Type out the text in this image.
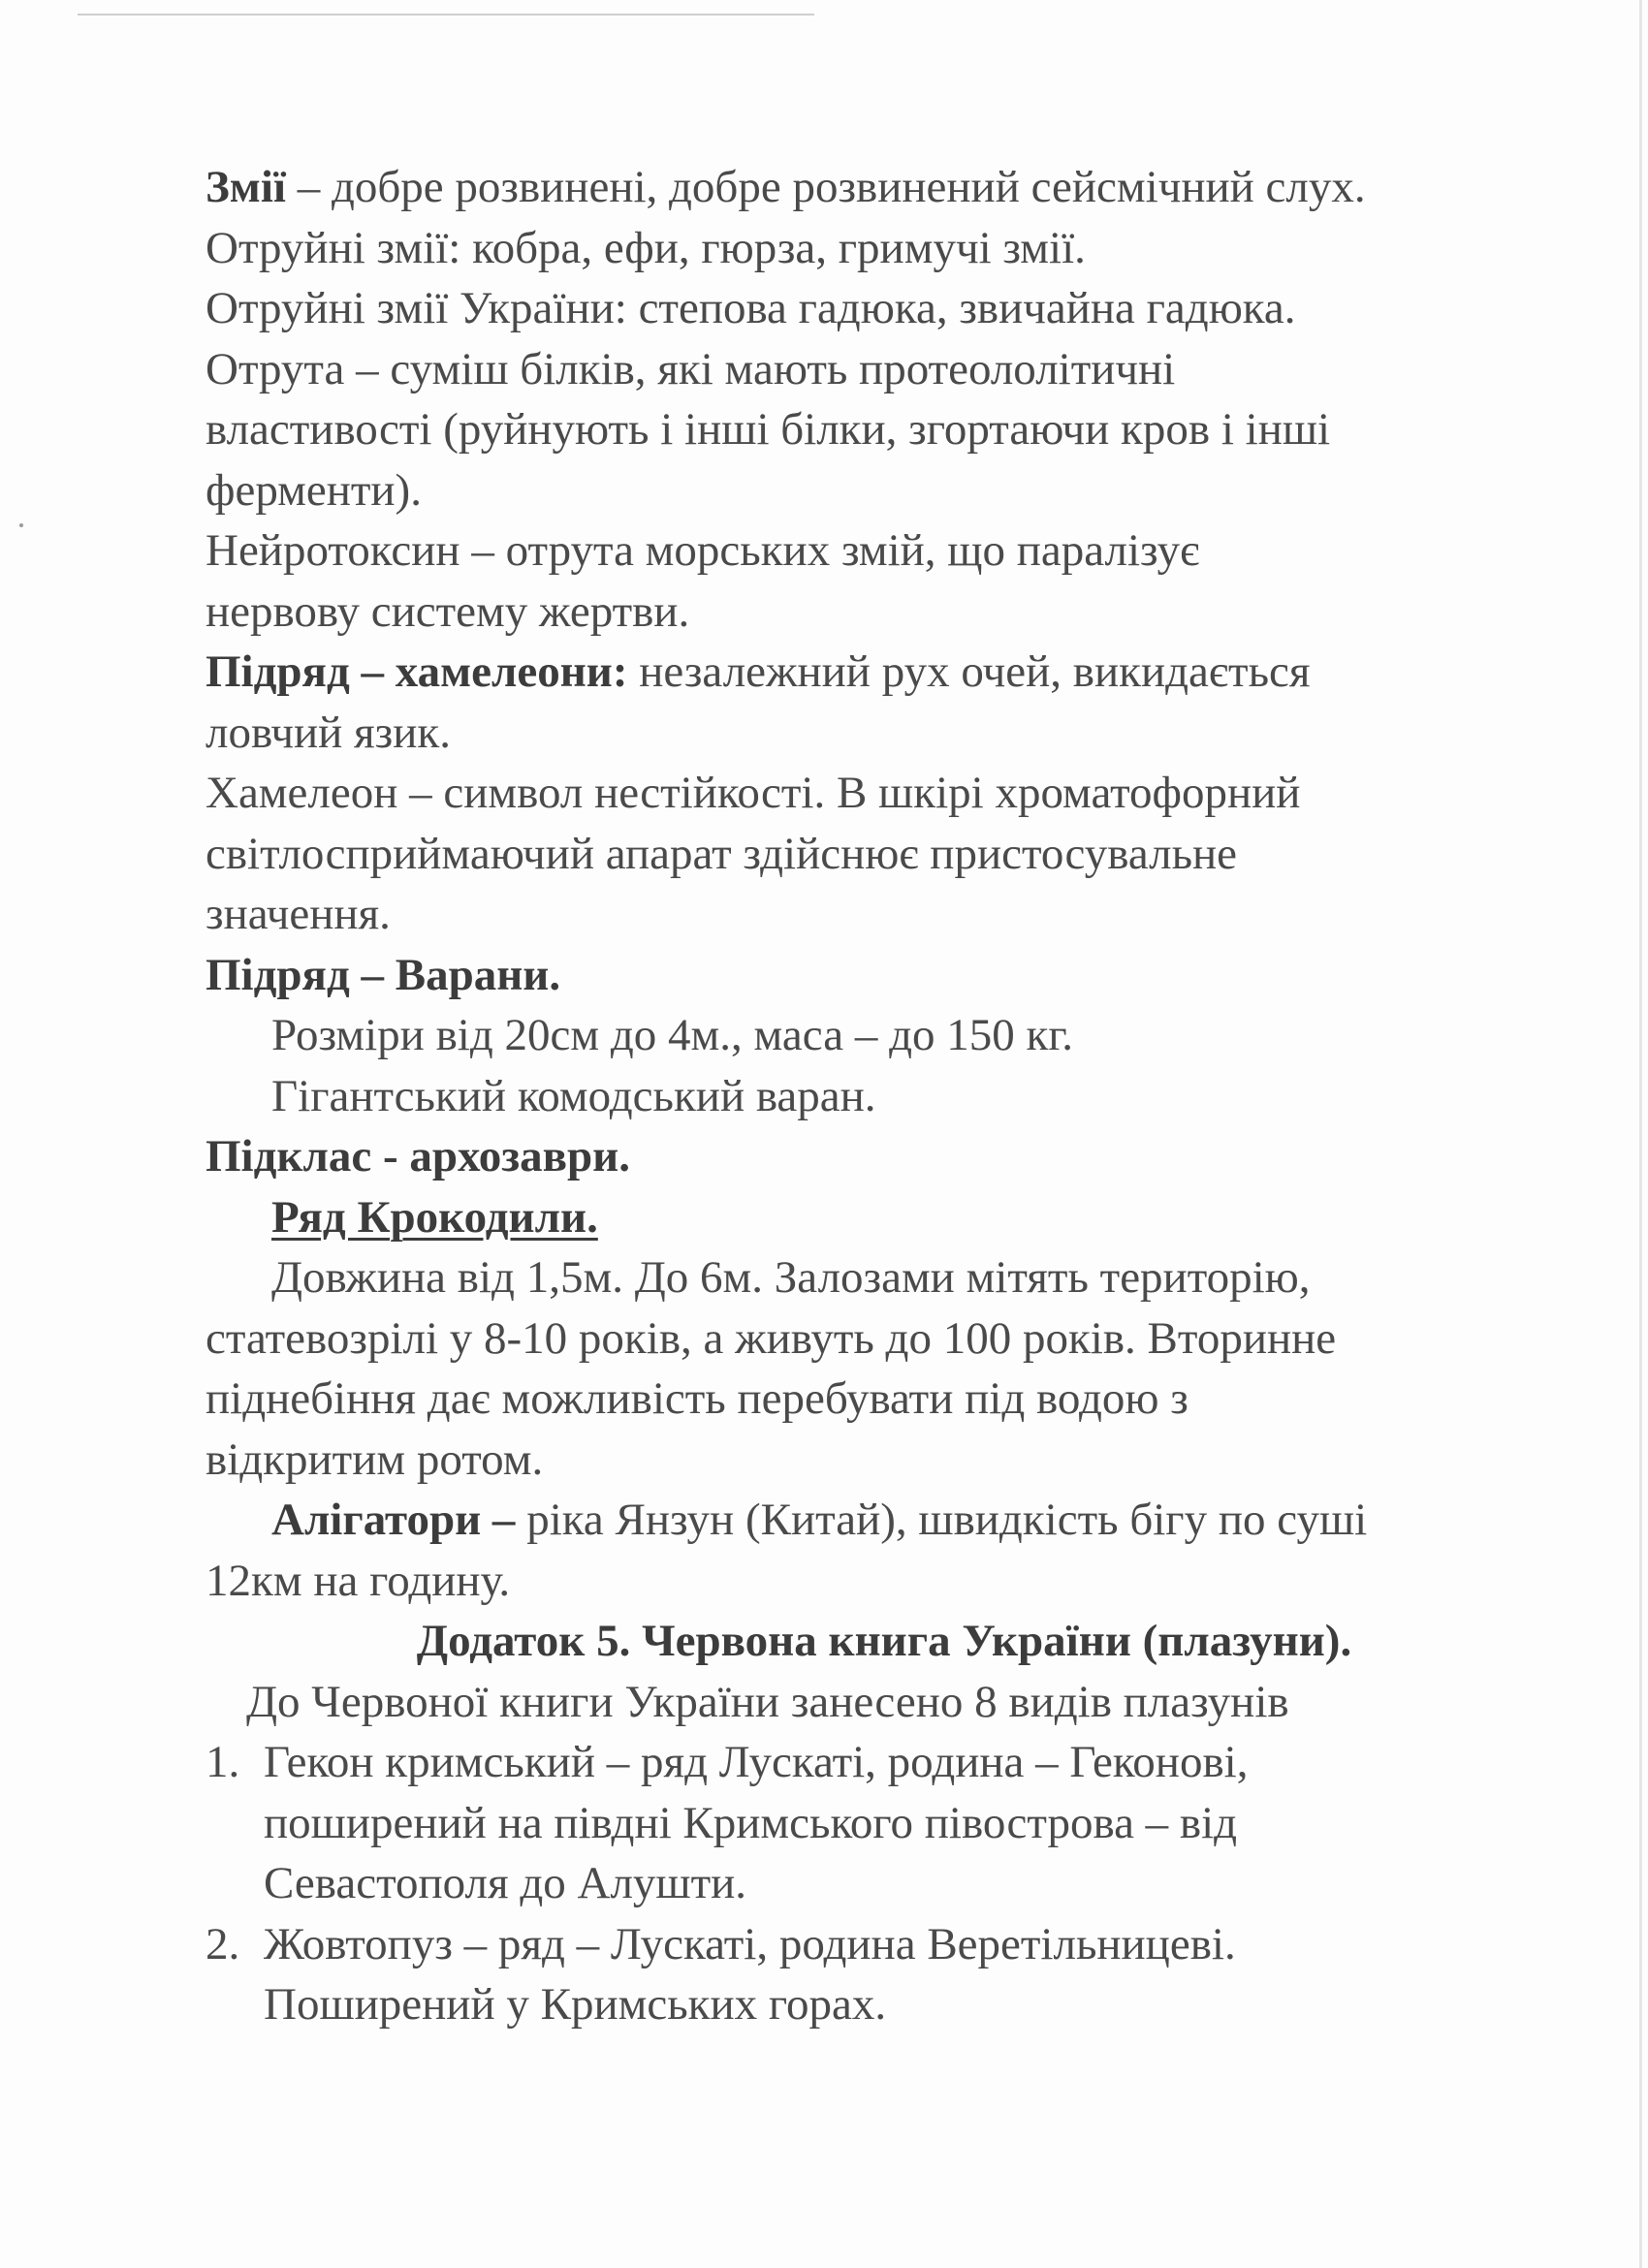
Змії – добре розвинені, добре розвинений сейсмічний слух.
Отруйні змії: кобра, ефи, гюрза, гримучі змії.
Отруйні змії України: степова гадюка, звичайна гадюка.
Отрута – суміш білків, які мають протеололітичні
властивості (руйнують і інші білки, згортаючи кров і інші
ферменти).
Нейротоксин – отрута морських змій, що паралізує
нервову систему жертви.
Підряд – хамелеони: незалежний рух очей, викидається
ловчий язик.
Хамелеон – символ нестійкості. В шкірі хроматофорний
світлосприймаючий апарат здійснює пристосувальне
значення.
Підряд – Варани.
Розміри від 20см до 4м., маса – до 150 кг.
Гігантський комодський варан.
Підклас - архозаври.
Ряд Крокодили.
Довжина від 1,5м. До 6м. Залозами мітять територію,
статевозрілі у 8-10 років, а живуть до 100 років. Вторинне
піднебіння дає можливість перебувати під водою з
відкритим ротом.
Алігатори – ріка Янзун (Китай), швидкість бігу по суші
12км на годину.
Додаток 5. Червона книга України (плазуни).
До Червоної книги України занесено 8 видів плазунів
1. Гекон кримський – ряд Лускаті, родина – Геконові,
поширений на півдні Кримського півострова – від
Севастополя до Алушти.
2. Жовтопуз – ряд – Лускаті, родина Веретільницеві.
Поширений у Кримських горах.
